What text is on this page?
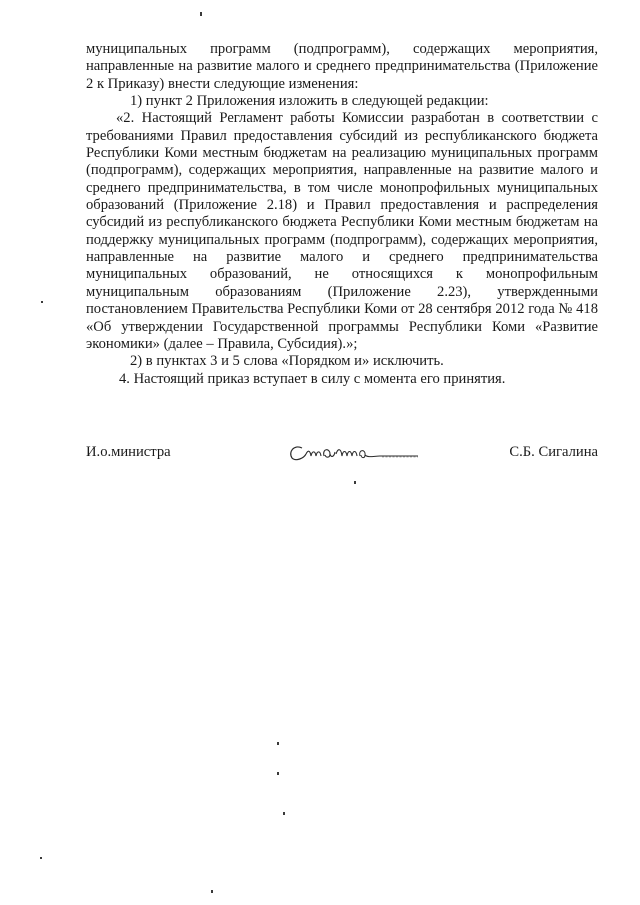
муниципальных программ (подпрограмм), содержащих мероприятия, направленные на развитие малого и среднего предпринимательства (Приложение 2 к Приказу) внести следующие изменения:

1) пункт 2 Приложения изложить в следующей редакции:

«2. Настоящий Регламент работы Комиссии разработан в соответствии с требованиями Правил предоставления субсидий из республиканского бюджета Республики Коми местным бюджетам на реализацию муниципальных программ (подпрограмм), содержащих мероприятия, направленные на развитие малого и среднего предпринимательства, в том числе монопрофильных муниципальных образований (Приложение 2.18) и Правил предоставления и распределения субсидий из республиканского бюджета Республики Коми местным бюджетам на поддержку муниципальных программ (подпрограмм), содержащих мероприятия, направленные на развитие малого и среднего предпринимательства муниципальных образований, не относящихся к монопрофильным муниципальным образованиям (Приложение 2.23), утвержденными постановлением Правительства Республики Коми от 28 сентября 2012 года № 418 «Об утверждении Государственной программы Республики Коми «Развитие экономики» (далее – Правила, Субсидия).»;

2) в пунктах 3 и 5 слова «Порядком и» исключить.

4. Настоящий приказ вступает в силу с момента его принятия.

И.о.министра	С.Б. Сигалина
